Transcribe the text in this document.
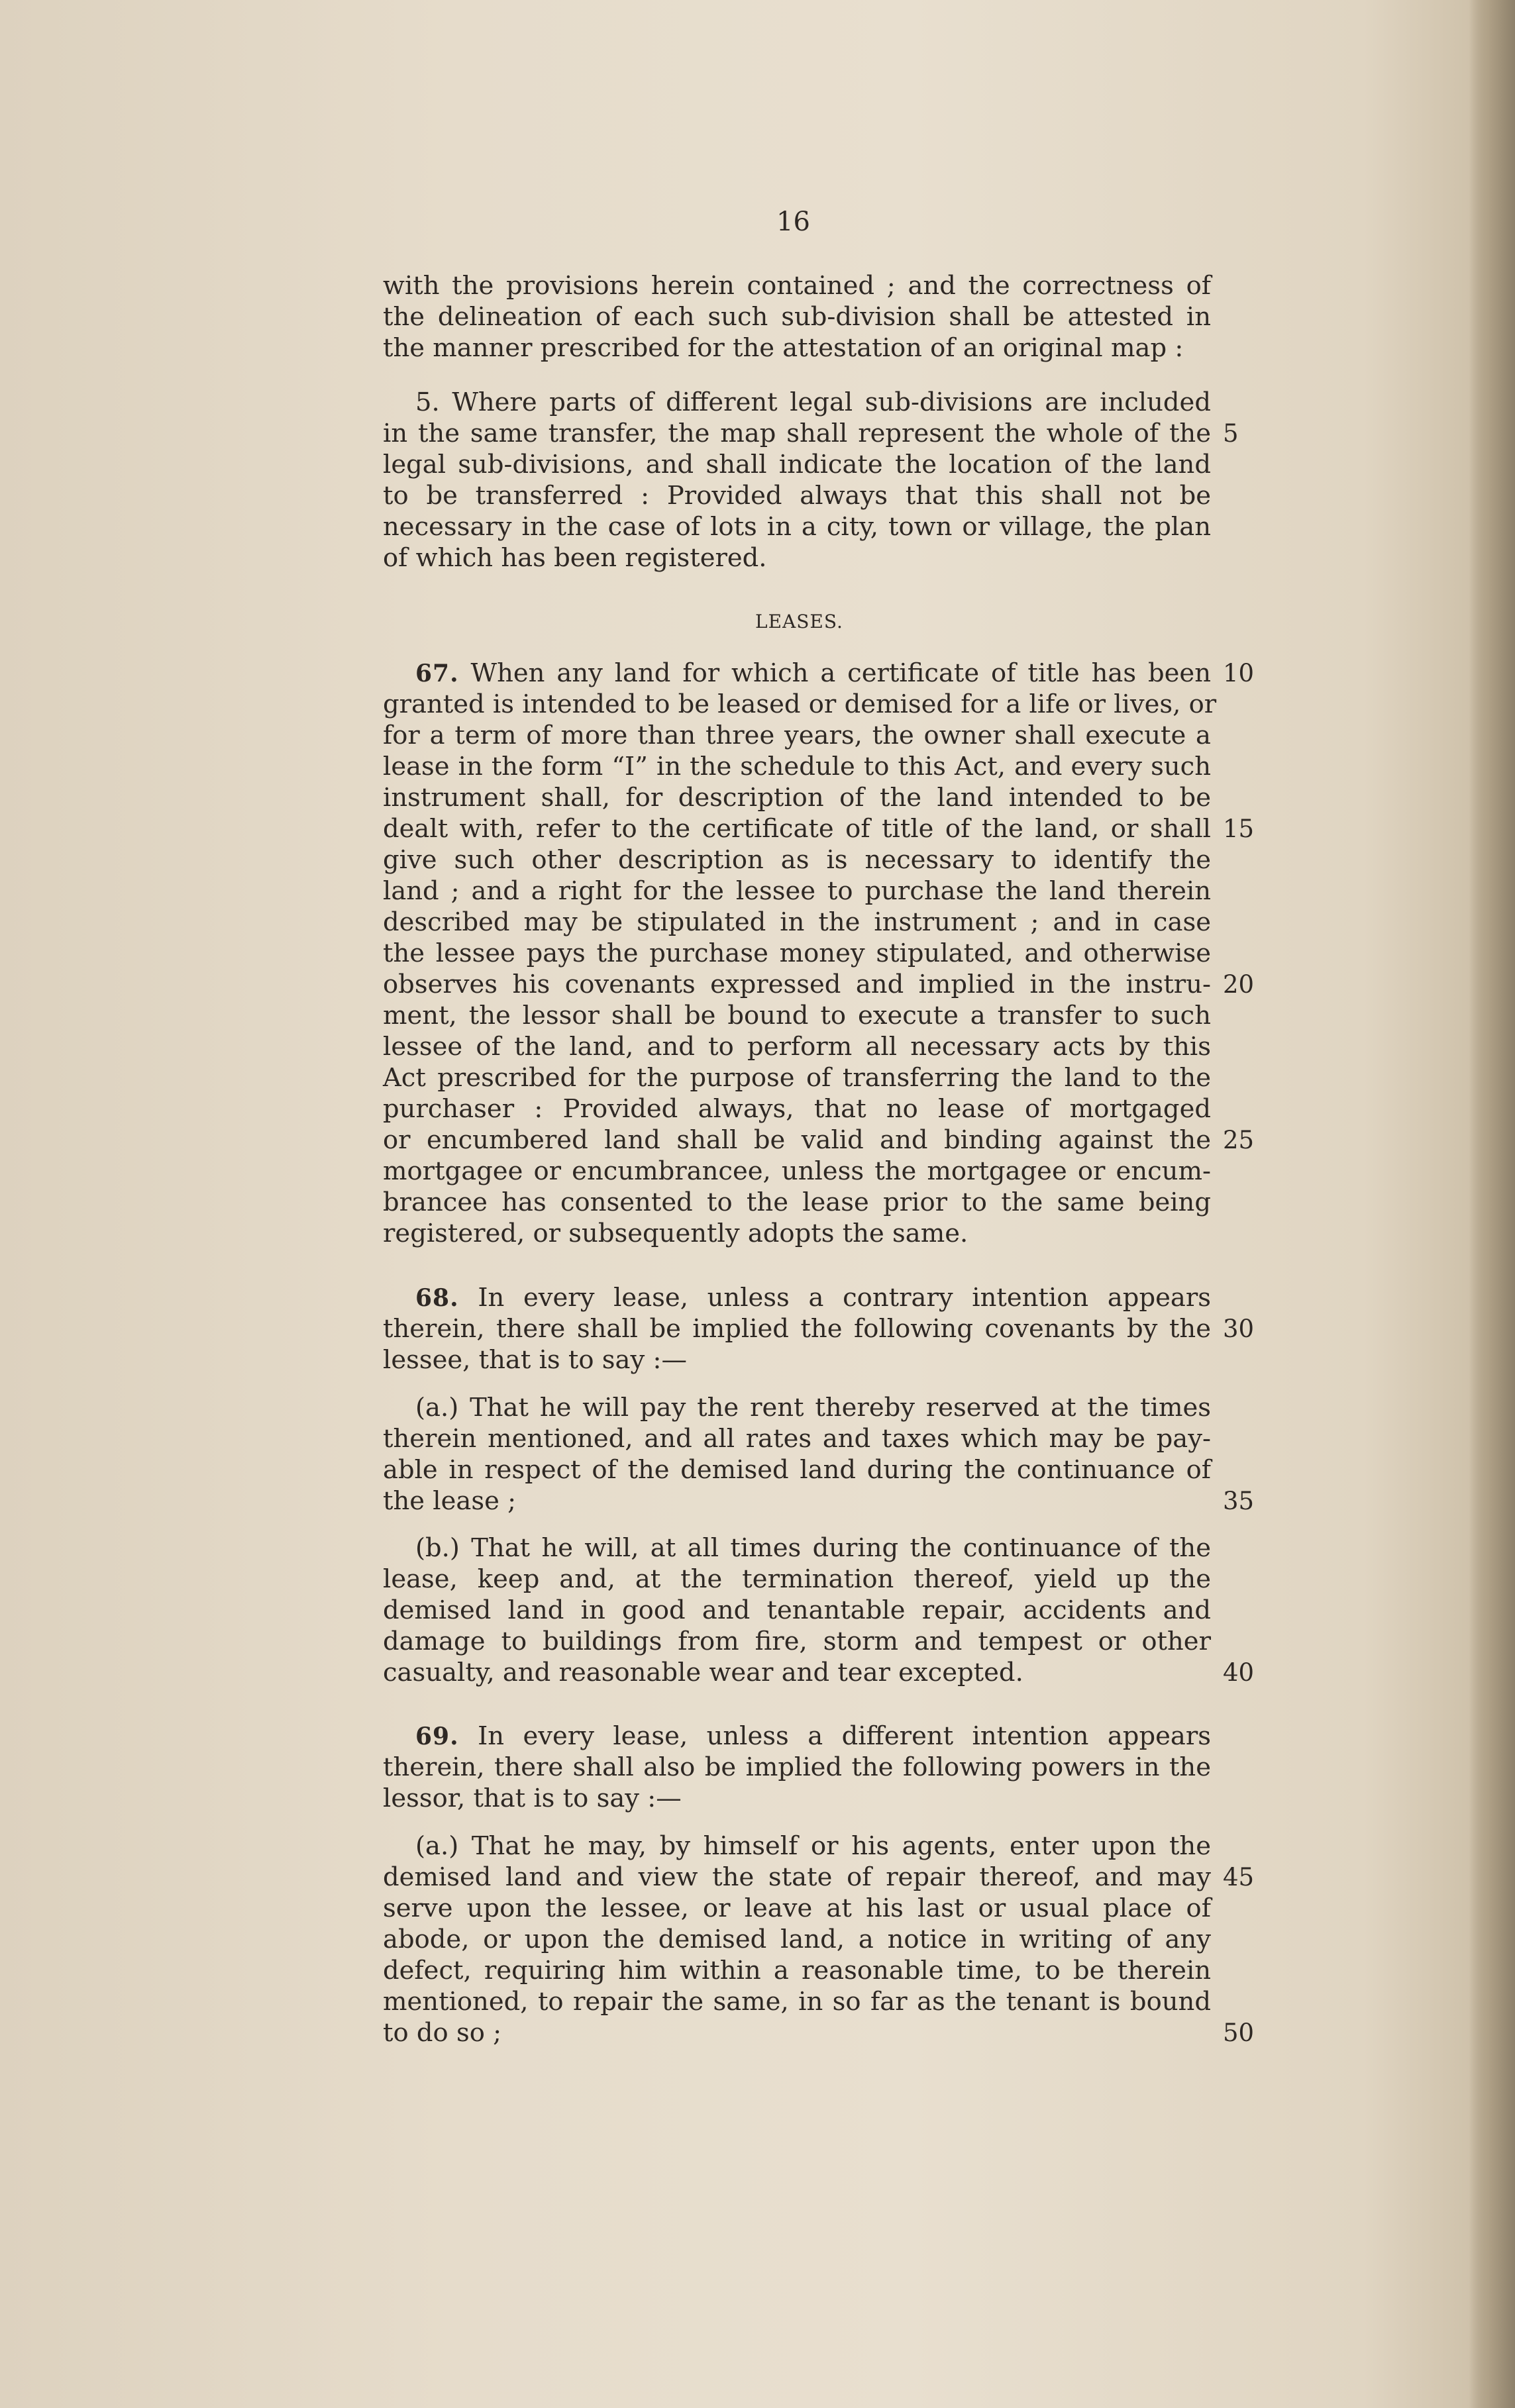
16
with the provisions herein contained ; and the correctness of
the delineation of each such sub-division shall be attested in
the manner prescribed for the attestation of an original map :
5. Where parts of different legal sub-divisions are included
in the same transfer, the map shall represent the whole of the
legal sub-divisions, and shall indicate the location of the land
to be transferred : Provided always that this shall not be
necessary in the case of lots in a city, town or village, the plan
of which has been registered.
LEASES.
67. When any land for which a certificate of title has been
granted is intended to be leased or demised for a life or lives, or
for a term of more than three years, the owner shall execute a
lease in the form “I” in the schedule to this Act, and every such
instrument shall, for description of the land intended to be
dealt with, refer to the certificate of title of the land, or shall
give such other description as is necessary to identify the
land ; and a right for the lessee to purchase the land therein
described may be stipulated in the instrument ; and in case
the lessee pays the purchase money stipulated, and otherwise
observes his covenants expressed and implied in the instru-
ment, the lessor shall be bound to execute a transfer to such
lessee of the land, and to perform all necessary acts by this
Act prescribed for the purpose of transferring the land to the
purchaser : Provided always, that no lease of mortgaged
or encumbered land shall be valid and binding against the
mortgagee or encumbrancee, unless the mortgagee or encum-
brancee has consented to the lease prior to the same being
registered, or subsequently adopts the same.
68. In every lease, unless a contrary intention appears
therein, there shall be implied the following covenants by the
lessee, that is to say :—
(a.) That he will pay the rent thereby reserved at the times
therein mentioned, and all rates and taxes which may be pay-
able in respect of the demised land during the continuance of
the lease ;
(b.) That he will, at all times during the continuance of the
lease, keep and, at the termination thereof, yield up the
demised land in good and tenantable repair, accidents and
damage to buildings from fire, storm and tempest or other
casualty, and reasonable wear and tear excepted.
69. In every lease, unless a different intention appears
therein, there shall also be implied the following powers in the
lessor, that is to say :—
(a.) That he may, by himself or his agents, enter upon the
demised land and view the state of repair thereof, and may
serve upon the lessee, or leave at his last or usual place of
abode, or upon the demised land, a notice in writing of any
defect, requiring him within a reasonable time, to be therein
mentioned, to repair the same, in so far as the tenant is bound
to do so ;
5
10
15
20
25
30
35
40
45
50
